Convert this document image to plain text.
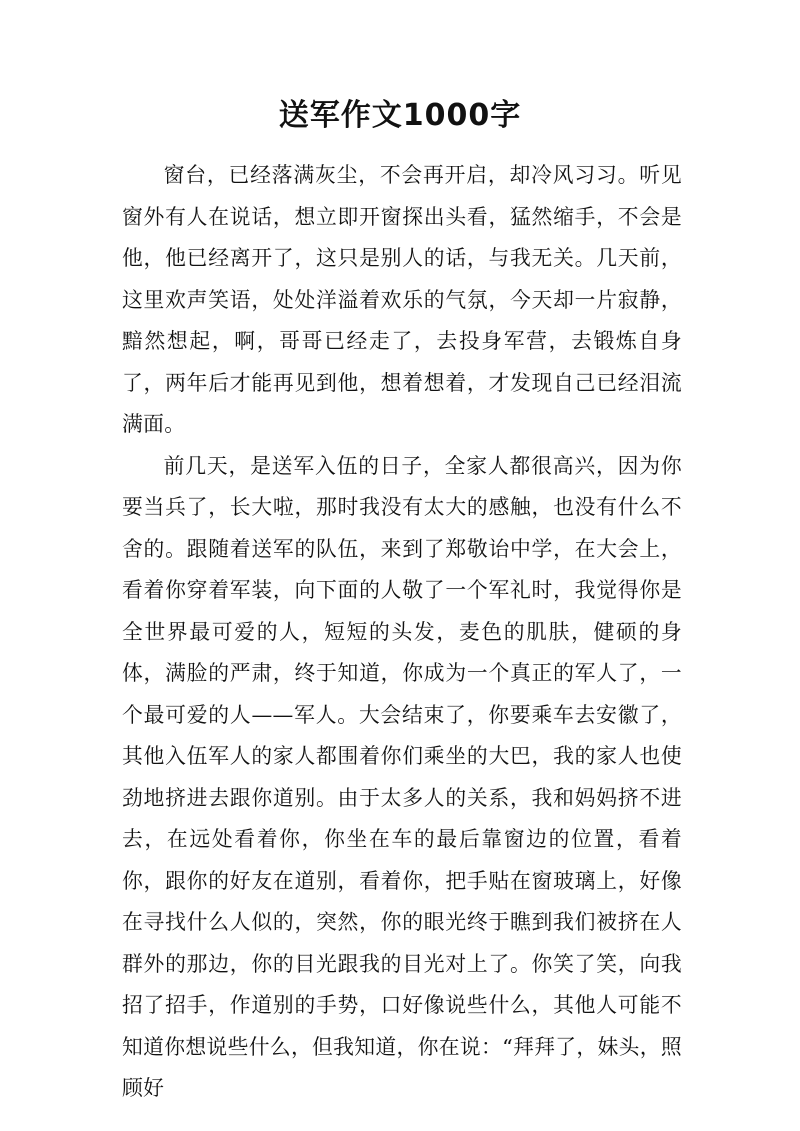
送军作文1000字

窗台，已经落满灰尘，不会再开启，却冷风习习。听见窗外有人在说话，想立即开窗探出头看，猛然缩手，不会是他，他已经离开了，这只是别人的话，与我无关。几天前，这里欢声笑语，处处洋溢着欢乐的气氛，今天却一片寂静，黯然想起，啊，哥哥已经走了，去投身军营，去锻炼自身了，两年后才能再见到他，想着想着，才发现自己已经泪流满面。

前几天，是送军入伍的日子，全家人都很高兴，因为你要当兵了，长大啦，那时我没有太大的感触，也没有什么不舍的。跟随着送军的队伍，来到了郑敬诒中学，在大会上，看着你穿着军装，向下面的人敬了一个军礼时，我觉得你是全世界最可爱的人，短短的头发，麦色的肌肤，健硕的身体，满脸的严肃，终于知道，你成为一个真正的军人了，一个最可爱的人——军人。大会结束了，你要乘车去安徽了，其他入伍军人的家人都围着你们乘坐的大巴，我的家人也使劲地挤进去跟你道别。由于太多人的关系，我和妈妈挤不进去，在远处看着你，你坐在车的最后靠窗边的位置，看着你，跟你的好友在道别，看着你，把手贴在窗玻璃上，好像在寻找什么人似的，突然，你的眼光终于瞧到我们被挤在人群外的那边，你的目光跟我的目光对上了。你笑了笑，向我招了招手，作道别的手势，口好像说些什么，其他人可能不知道你想说些什么，但我知道，你在说：“拜拜了，妹头，照顾好
